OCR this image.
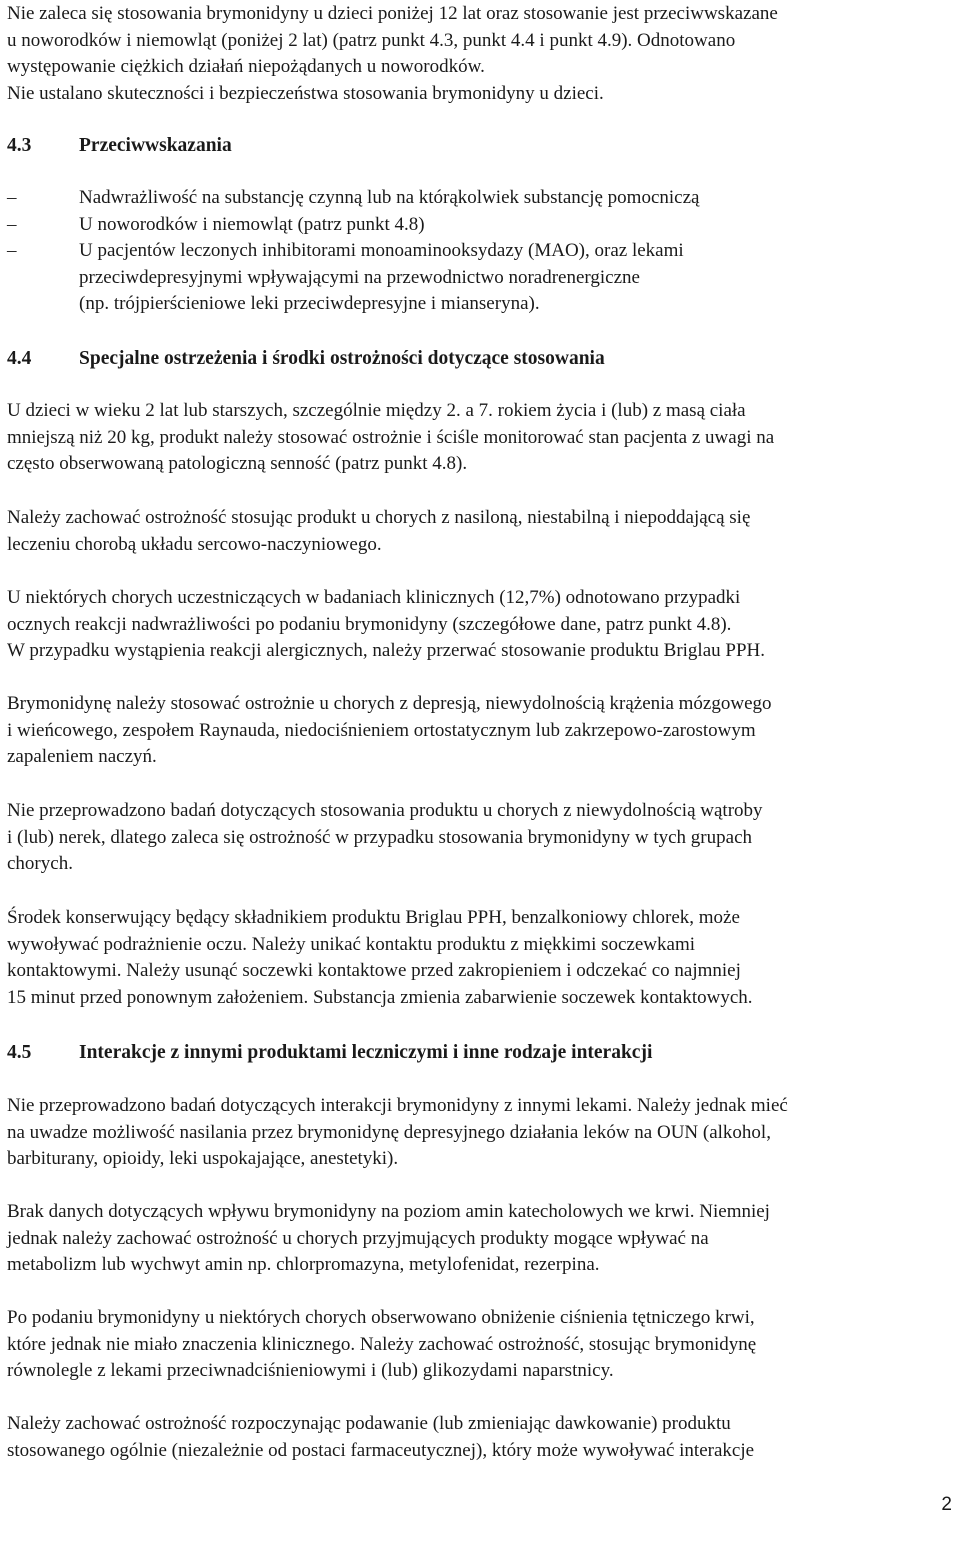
Nie zaleca się stosowania brymonidyny u dzieci poniżej 12 lat oraz stosowanie jest przeciwwskazane
u noworodków i niemowląt (poniżej 2 lat) (patrz punkt 4.3, punkt 4.4 i punkt 4.9). Odnotowano
występowanie ciężkich działań niepożądanych u noworodków.
Nie ustalano skuteczności i bezpieczeństwa stosowania brymonidyny u dzieci.
4.3	Przeciwwskazania
–	Nadwrażliwość na substancję czynną lub na którąkolwiek substancję pomocniczą
–	U noworodków i niemowląt (patrz punkt 4.8)
–	U pacjentów leczonych inhibitorami monoaminooksydazy (MAO), oraz lekami
przeciwdepresyjnymi wpływającymi na przewodnictwo noradrenergiczne
(np. trójpierścieniowe leki przeciwdepresyjne i mianseryna).
4.4	Specjalne ostrzeżenia i środki ostrożności dotyczące stosowania
U dzieci w wieku 2 lat lub starszych, szczególnie między 2. a 7. rokiem życia i (lub) z masą ciała
mniejszą niż 20 kg, produkt należy stosować ostrożnie i ściśle monitorować stan pacjenta z uwagi na
często obserwowaną patologiczną senność (patrz punkt 4.8).
Należy zachować ostrożność stosując produkt u chorych z nasiloną, niestabilną i niepoddającą się
leczeniu chorobą układu sercowo-naczyniowego.
U niektórych chorych uczestniczących w badaniach klinicznych (12,7%) odnotowano przypadki
ocznych reakcji nadwrażliwości po podaniu brymonidyny (szczegółowe dane, patrz punkt 4.8).
W przypadku wystąpienia reakcji alergicznych, należy przerwać stosowanie produktu Briglau PPH.
Brymonidynę należy stosować ostrożnie u chorych z depresją, niewydolnością krążenia mózgowego
i wieńcowego, zespołem Raynauda, niedociśnieniem ortostatycznym lub zakrzepowo-zarostowym
zapaleniem naczyń.
Nie przeprowadzono badań dotyczących stosowania produktu u chorych z niewydolnością wątroby
i (lub) nerek, dlatego zaleca się ostrożność w przypadku stosowania brymonidyny w tych grupach
chorych.
Środek konserwujący będący składnikiem produktu Briglau PPH, benzalkoniowy chlorek, może
wywoływać podrażnienie oczu. Należy unikać kontaktu produktu z miękkimi soczewkami
kontaktowymi. Należy usunąć soczewki kontaktowe przed zakropieniem i odczekać co najmniej
15 minut przed ponownym założeniem. Substancja zmienia zabarwienie soczewek kontaktowych.
4.5	Interakcje z innymi produktami leczniczymi i inne rodzaje interakcji
Nie przeprowadzono badań dotyczących interakcji brymonidyny z innymi lekami. Należy jednak mieć
na uwadze możliwość nasilania przez brymonidynę depresyjnego działania leków na OUN (alkohol,
barbiturany, opioidy, leki uspokajające, anestetyki).
Brak danych dotyczących wpływu brymonidyny na poziom amin katecholowych we krwi. Niemniej
jednak należy zachować ostrożność u chorych przyjmujących produkty mogące wpływać na
metabolizm lub wychwyt amin np. chlorpromazyna, metylofenidat, rezerpina.
Po podaniu brymonidyny u niektórych chorych obserwowano obniżenie ciśnienia tętniczego krwi,
które jednak nie miało znaczenia klinicznego. Należy zachować ostrożność, stosując brymonidynę
równolegle z lekami przeciwnadciśnieniowymi i (lub) glikozydami naparstnicy.
Należy zachować ostrożność rozpoczynając podawanie (lub zmieniając dawkowanie) produktu
stosowanego ogólnie (niezależnie od postaci farmaceutycznej), który może wywoływać interakcje
2
